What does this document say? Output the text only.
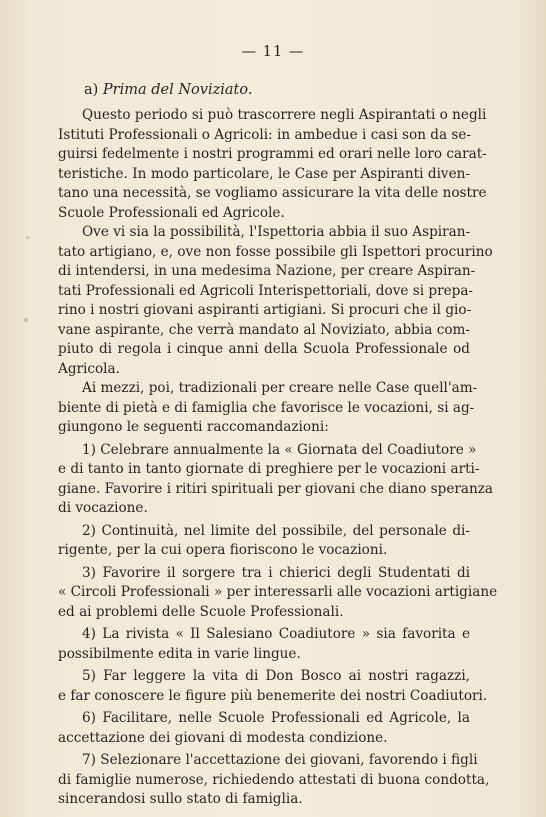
— 11 —
a) Prima del Noviziato.

Questo periodo si può trascorrere negli Aspirantati o negli
Istituti Professionali o Agricoli: in ambedue i casi son da se-
guirsi fedelmente i nostri programmi ed orari nelle loro carat-
teristiche. In modo particolare, le Case per Aspiranti diven-
tano una necessità, se vogliamo assicurare la vita delle nostre
Scuole Professionali ed Agricole.

Ove vi sia la possibilità, l'Ispettoria abbia il suo Aspiran-
tato artigiano, e, ove non fosse possibile gli Ispettori procurino
di intendersi, in una medesima Nazione, per creare Aspiran-
tati Professionali ed Agricoli Interispettoriali, dove si prepa-
rino i nostri giovani aspiranti artigiani. Si procuri che il gio-
vane aspirante, che verrà mandato al Noviziato, abbia com-
piuto di regola i cinque anni della Scuola Professionale od
Agricola.

Ai mezzi, poi, tradizionali per creare nelle Case quell'am-
biente di pietà e di famiglia che favorisce le vocazioni, si ag-
giungono le seguenti raccomandazioni:

1) Celebrare annualmente la « Giornata del Coadiutore »
e di tanto in tanto giornate di preghiere per le vocazioni arti-
giane. Favorire i ritiri spirituali per giovani che diano speranza
di vocazione.

2) Continuità, nel limite del possibile, del personale di-
rigente, per la cui opera fioriscono le vocazioni.

3) Favorire il sorgere tra i chierici degli Studentati di
« Circoli Professionali » per interessarli alle vocazioni artigiane
ed ai problemi delle Scuole Professionali.

4) La rivista « Il Salesiano Coadiutore » sia favorita e
possibilmente edita in varie lingue.

5) Far leggere la vita di Don Bosco ai nostri ragazzi,
e far conoscere le figure più benemerite dei nostri Coadiutori.

6) Facilitare, nelle Scuole Professionali ed Agricole, la
accettazione dei giovani di modesta condizione.

7) Selezionare l'accettazione dei giovani, favorendo i figli
di famiglie numerose, richiedendo attestati di buona condotta,
sincerandosi sullo stato di famiglia.
